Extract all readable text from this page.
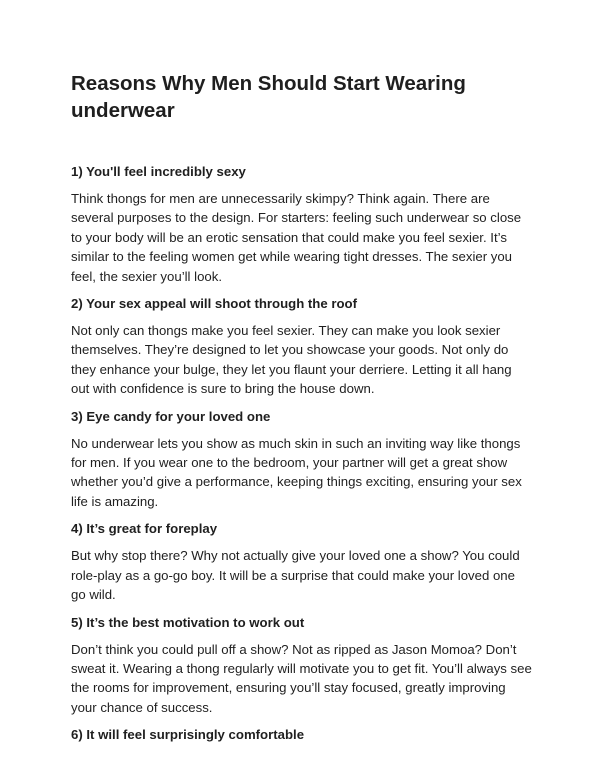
Reasons Why Men Should Start Wearing underwear
1) You'll feel incredibly sexy

Think thongs for men are unnecessarily skimpy? Think again. There are several purposes to the design. For starters: feeling such underwear so close to your body will be an erotic sensation that could make you feel sexier. It’s similar to the feeling women get while wearing tight dresses. The sexier you feel, the sexier you’ll look.

2) Your sex appeal will shoot through the roof

Not only can thongs make you feel sexier. They can make you look sexier themselves. They’re designed to let you showcase your goods. Not only do they enhance your bulge, they let you flaunt your derriere. Letting it all hang out with confidence is sure to bring the house down.

3) Eye candy for your loved one

No underwear lets you show as much skin in such an inviting way like thongs for men. If you wear one to the bedroom, your partner will get a great show whether you’d give a performance, keeping things exciting, ensuring your sex life is amazing.

4) It’s great for foreplay

But why stop there? Why not actually give your loved one a show? You could role-play as a go-go boy. It will be a surprise that could make your loved one go wild.

5) It’s the best motivation to work out

Don’t think you could pull off a show? Not as ripped as Jason Momoa? Don’t sweat it. Wearing a thong regularly will motivate you to get fit. You’ll always see the rooms for improvement, ensuring you’ll stay focused, greatly improving your chance of success.

6) It will feel surprisingly comfortable
